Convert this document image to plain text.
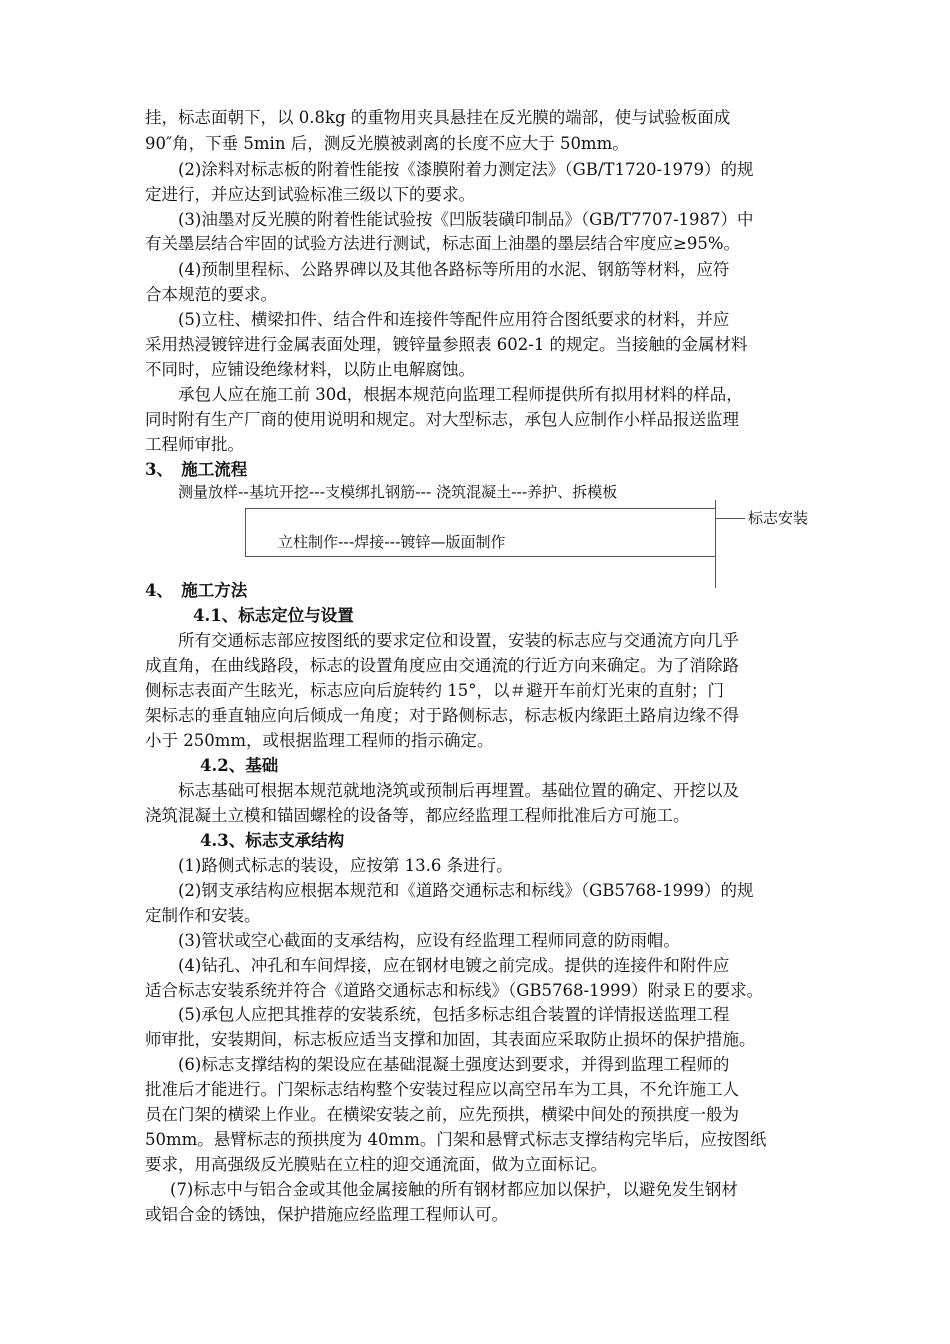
挂，标志面朝下，以 0.8kg 的重物用夹具悬挂在反光膜的端部，使与试验板面成
90″角，下垂 5min 后，测反光膜被剥离的长度不应大于 50mm。
(2)涂料对标志板的附着性能按《漆膜附着力测定法》（GB/T1720-1979）的规
定进行，并应达到试验标准三级以下的要求。
(3)油墨对反光膜的附着性能试验按《凹版装磺印制品》（GB/T7707-1987）中
有关墨层结合牢固的试验方法进行测试，标志面上油墨的墨层结合牢度应≥95%。
(4)预制里程标、公路界碑以及其他各路标等所用的水泥、钢筋等材料，应符
合本规范的要求。
(5)立柱、横梁扣件、结合件和连接件等配件应用符合图纸要求的材料，并应
采用热浸镀锌进行金属表面处理，镀锌量参照表 602-1 的规定。当接触的金属材料
不同时，应铺设绝缘材料，以防止电解腐蚀。
承包人应在施工前 30d，根据本规范向监理工程师提供所有拟用材料的样品，
同时附有生产厂商的使用说明和规定。对大型标志，承包人应制作小样品报送监理
工程师审批。
3、　施工流程
测量放样--基坑开挖---支模绑扎钢筋--- 浇筑混凝土---养护、拆模板
立柱制作---焊接---镀锌—版面制作
标志安装
4、　施工方法
4.1、标志定位与设置
所有交通标志部应按图纸的要求定位和设置，安装的标志应与交通流方向几乎
成直角，在曲线路段，标志的设置角度应由交通流的行近方向来确定。为了消除路
侧标志表面产生眩光，标志应向后旋转约 15°，以＃避开车前灯光束的直射；门
架标志的垂直轴应向后倾成一角度；对于路侧标志，标志板内缘距土路肩边缘不得
小于 250mm，或根据监理工程师的指示确定。
4.2、基础
标志基础可根据本规范就地浇筑或预制后再埋置。基础位置的确定、开挖以及
浇筑混凝土立模和锚固螺栓的设备等，都应经监理工程师批准后方可施工。
4.3、标志支承结构
(1)路侧式标志的装设，应按第 13.6 条进行。
(2)钢支承结构应根据本规范和《道路交通标志和标线》（GB5768-1999）的规
定制作和安装。
(3)管状或空心截面的支承结构，应设有经监理工程师同意的防雨帽。
(4)钻孔、冲孔和车间焊接，应在钢材电镀之前完成。提供的连接件和附件应
适合标志安装系统并符合《道路交通标志和标线》（GB5768-1999）附录Ｅ的要求。
(5)承包人应把其推荐的安装系统，包括多标志组合装置的详情报送监理工程
师审批，安装期间，标志板应适当支撑和加固，其表面应采取防止损坏的保护措施。
(6)标志支撑结构的架设应在基础混凝土强度达到要求，并得到监理工程师的
批准后才能进行。门架标志结构整个安装过程应以高空吊车为工具，不允许施工人
员在门架的横梁上作业。在横梁安装之前，应先预拱，横梁中间处的预拱度一般为
50mm。悬臂标志的预拱度为 40mm。门架和悬臂式标志支撑结构完毕后，应按图纸
要求，用高强级反光膜贴在立柱的迎交通流面，做为立面标记。
(7)标志中与铝合金或其他金属接触的所有钢材都应加以保护，以避免发生钢材
或铝合金的锈蚀，保护措施应经监理工程师认可。
